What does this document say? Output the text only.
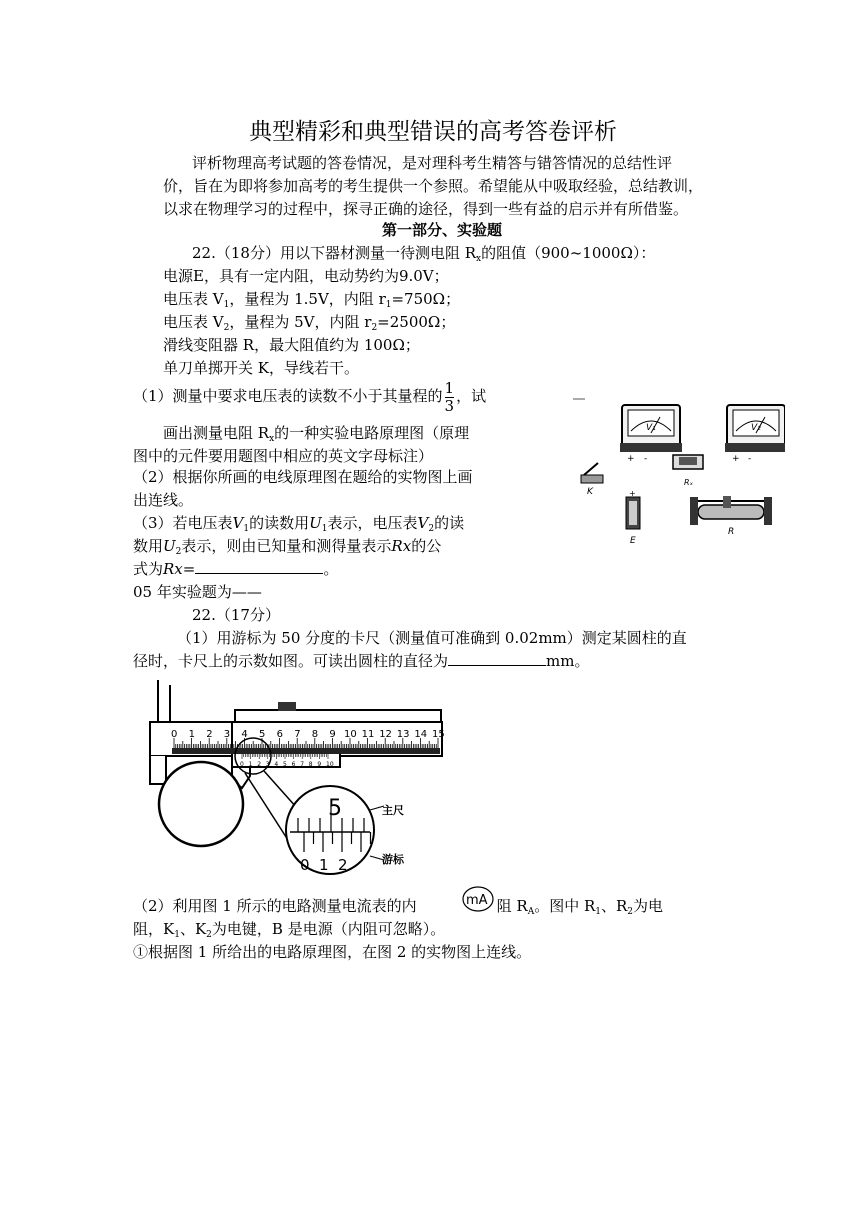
典型精彩和典型错误的高考答卷评析
评析物理高考试题的答卷情况，是对理科考生精答与错答情况的总结性评
价，旨在为即将参加高考的考生提供一个参照。希望能从中吸取经验，总结教训，
以求在物理学习的过程中，探寻正确的途径，得到一些有益的启示并有所借鉴。
第一部分、实验题
22.（18分）用以下器材测量一待测电阻 $R_x$的阻值（900~1000Ω）：
电源E，具有一定内阻，电动势约为9.0V；
电压表 $V_1$，量程为 1.5V，内阻 $r_1=750\Omega$；
电压表 $V_2$，量程为 5V，内阻 $r_2=2500\Omega$；
滑线变阻器 R，最大阻值约为 100Ω；
单刀单掷开关 K，导线若干。
（1）测量中要求电压表的读数不小于其量程的 $\frac{1}{3}$ ，试
画出测量电阻 $R_x$的一种实验电路原理图（原理
图中的元件要用题图中相应的英文字母标注）
（2）根据你所画的电线原理图在题给的实物图上画
出连线。
（3）若电压表$V_1$的读数用$U_1$表示，电压表$V_2$的读
数用$U_2$表示，则由已知量和测得量表示Rx的公
式为Rx=	。
V₁
+ -
V₂
+ -
Rₓ
K	+
E
R
05 年实验题为——
22.（17分）
（1）用游标为 50 分度的卡尺（测量值可准确到 0.02mm）测定某圆柱的直
径时，卡尺上的示数如图。可读出圆柱的直径为	mm。
0 1 2 3 4 5 6 7 8 9 10 11 12 13 14 15
0 1 2 3 4 5 6 7 8 9 10
5
0 1 2
主尺
游标
（2）利用图 1 所示的电路测量电流表的内	阻 $R_A$。图中 $R_1$、$R_2$为电
mA
阻，$K_1$、$K_2$为电键，B 是电源（内阻可忽略）。
①根据图 1 所给出的电路原理图，在图 2 的实物图上连线。
